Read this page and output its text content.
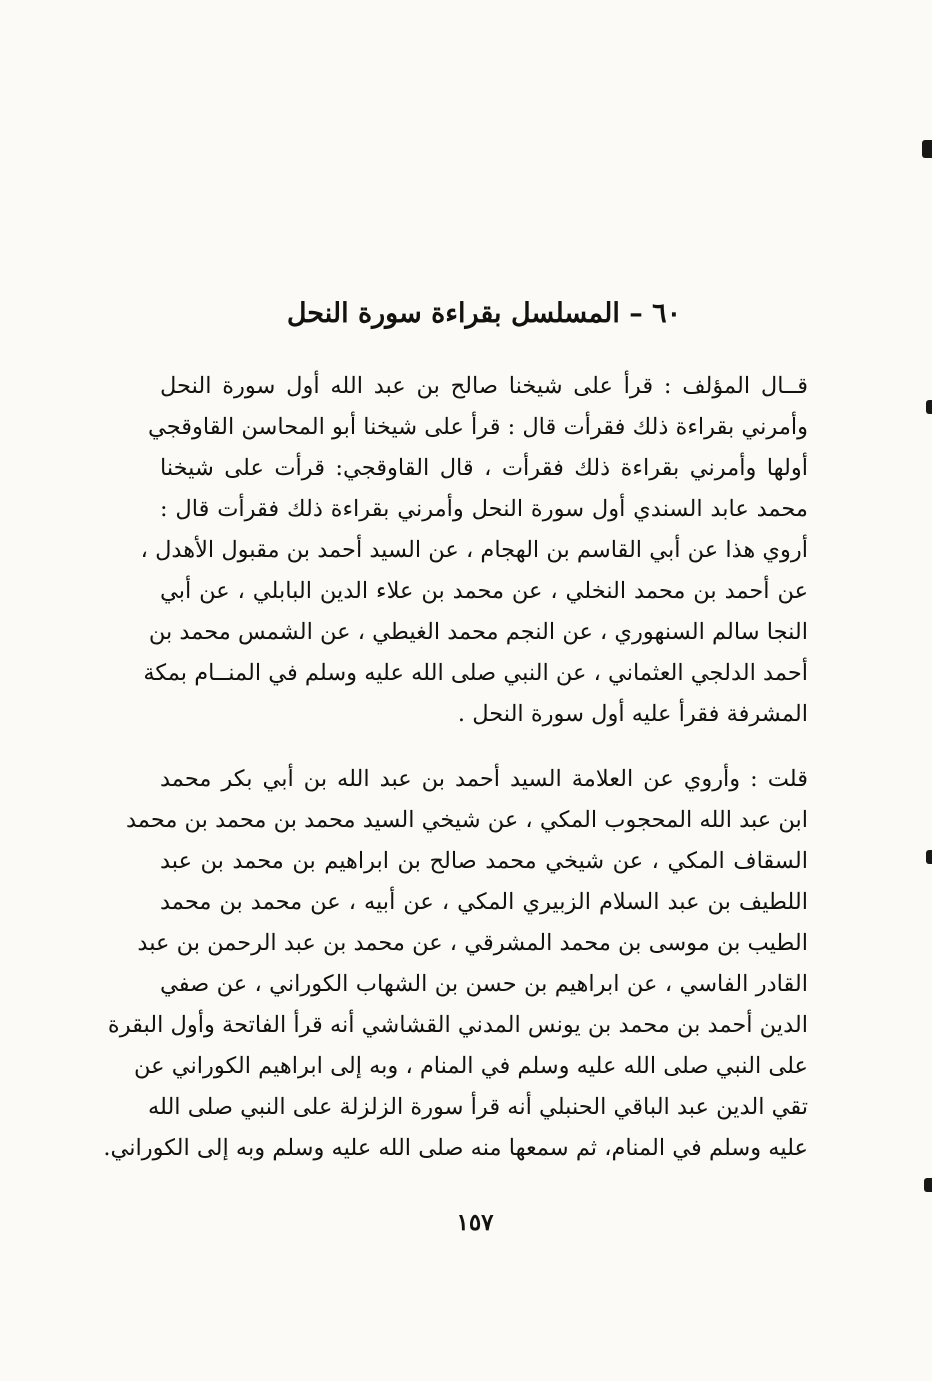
٦٠ – المسلسل بقراءة سورة النحل
قــال المؤلف : قرأ على شيخنا صالح بن عبد الله أول سورة النحل
وأمرني بقراءة ذلك فقرأت قال : قرأ على شيخنا أبو المحاسن القاوقجي
أولها وأمرني بقراءة ذلك فقرأت ، قال القاوقجي: قرأت على شيخنا
محمد عابد السندي أول سورة النحل وأمرني بقراءة ذلك فقرأت قال :
أروي هذا عن أبي القاسم بن الهجام ، عن السيد أحمد بن مقبول الأهدل ،
عن أحمد بن محمد النخلي ، عن محمد بن علاء الدين البابلي ، عن أبي
النجا سالم السنهوري ، عن النجم محمد الغيطي ، عن الشمس محمد بن
أحمد الدلجي العثماني ، عن النبي صلى الله عليه وسلم في المنــام بمكة
المشرفة فقرأ عليه أول سورة النحل .
قلت : وأروي عن العلامة السيد أحمد بن عبد الله بن أبي بكر محمد
ابن عبد الله المحجوب المكي ، عن شيخي السيد محمد بن محمد بن محمد
السقاف المكي ، عن شيخي محمد صالح بن ابراهيم بن محمد بن عبد
اللطيف بن عبد السلام الزبيري المكي ، عن أبيه ، عن محمد بن محمد
الطيب بن موسى بن محمد المشرقي ، عن محمد بن عبد الرحمن بن عبد
القادر الفاسي ، عن ابراهيم بن حسن بن الشهاب الكوراني ، عن صفي
الدين أحمد بن محمد بن يونس المدني القشاشي أنه قرأ الفاتحة وأول البقرة
على النبي صلى الله عليه وسلم في المنام ، وبه إلى ابراهيم الكوراني عن
تقي الدين عبد الباقي الحنبلي أنه قرأ سورة الزلزلة على النبي صلى الله
عليه وسلم في المنام، ثم سمعها منه صلى الله عليه وسلم وبه إلى الكوراني.
١٥٧
